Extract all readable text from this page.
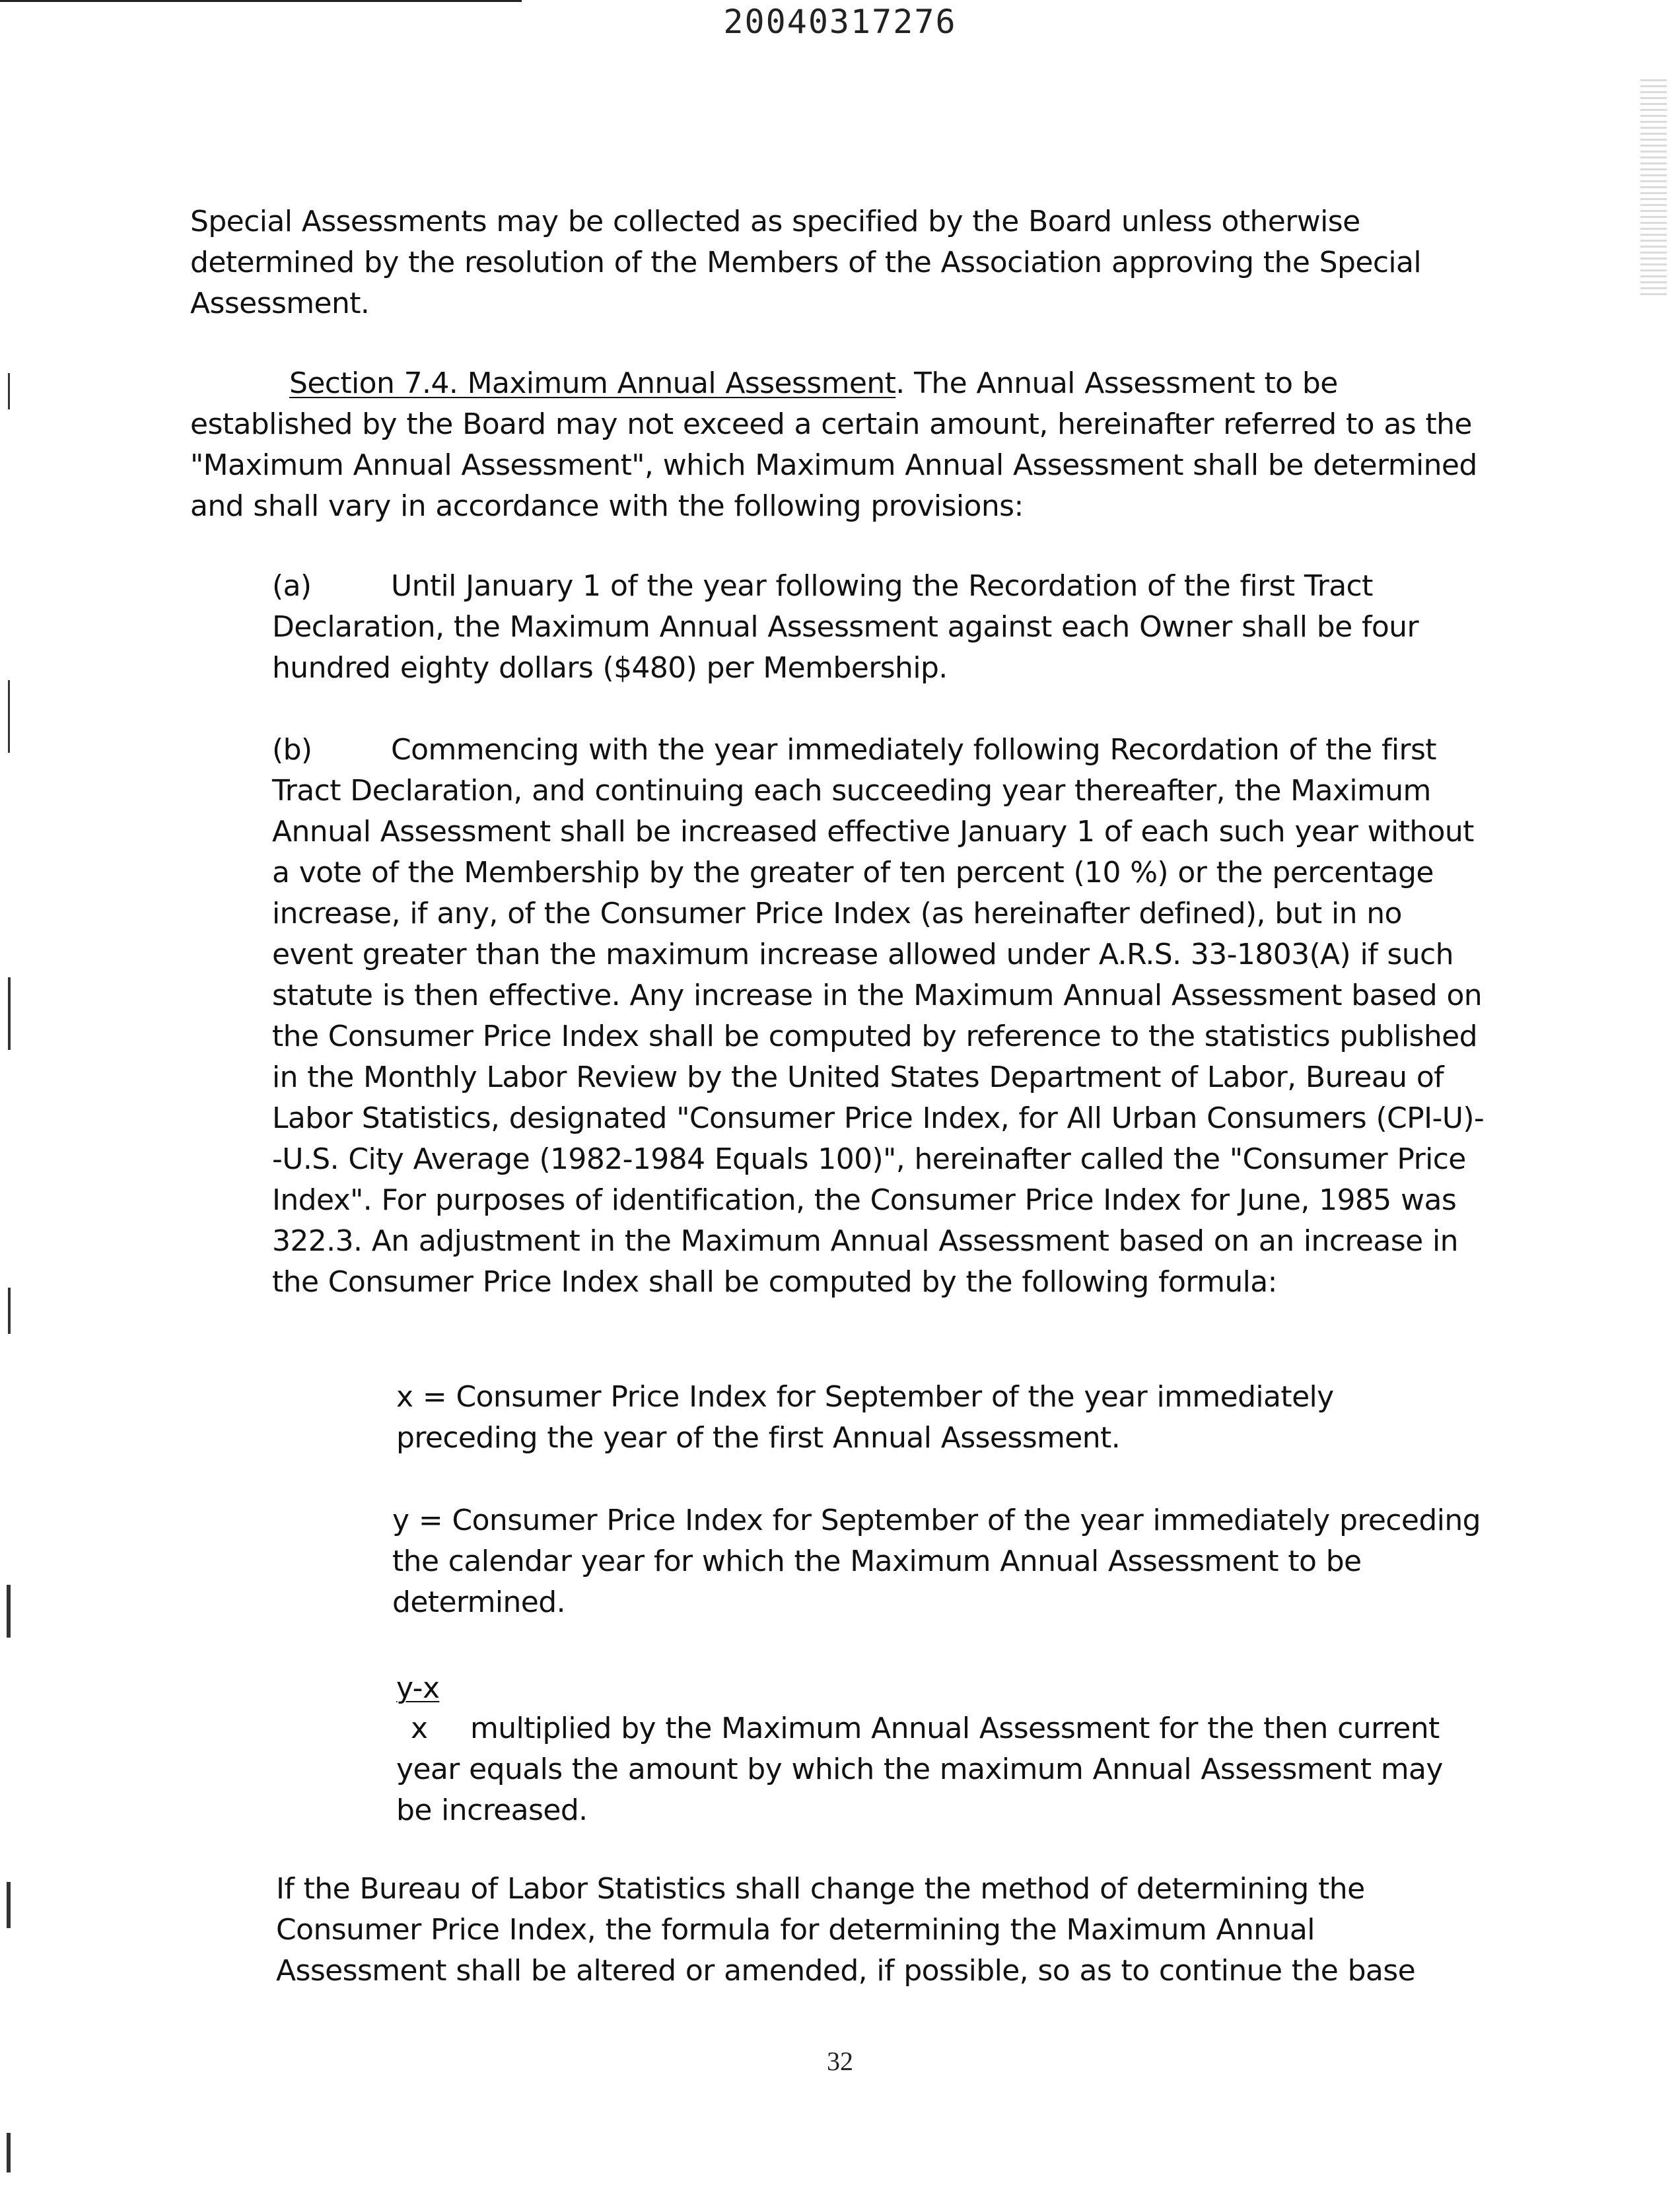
20040317276
Special Assessments may be collected as specified by the Board unless otherwise determined by the resolution of the Members of the Association approving the Special Assessment.
Section 7.4. Maximum Annual Assessment. The Annual Assessment to be established by the Board may not exceed a certain amount, hereinafter referred to as the "Maximum Annual Assessment", which Maximum Annual Assessment shall be determined and shall vary in accordance with the following provisions:
(a)	Until January 1 of the year following the Recordation of the first Tract Declaration, the Maximum Annual Assessment against each Owner shall be four hundred eighty dollars ($480) per Membership.
(b)	Commencing with the year immediately following Recordation of the first Tract Declaration, and continuing each succeeding year thereafter, the Maximum Annual Assessment shall be increased effective January 1 of each such year without a vote of the Membership by the greater of ten percent (10 %) or the percentage increase, if any, of the Consumer Price Index (as hereinafter defined), but in no event greater than the maximum increase allowed under A.R.S. 33-1803(A) if such statute is then effective. Any increase in the Maximum Annual Assessment based on the Consumer Price Index shall be computed by reference to the statistics published in the Monthly Labor Review by the United States Department of Labor, Bureau of Labor Statistics, designated "Consumer Price Index, for All Urban Consumers (CPI-U)--U.S. City Average (1982-1984 Equals 100)", hereinafter called the "Consumer Price Index". For purposes of identification, the Consumer Price Index for June, 1985 was 322.3. An adjustment in the Maximum Annual Assessment based on an increase in the Consumer Price Index shall be computed by the following formula:
x = Consumer Price Index for September of the year immediately preceding the year of the first Annual Assessment.
y = Consumer Price Index for September of the year immediately preceding the calendar year for which the Maximum Annual Assessment to be determined.
y-x
x multiplied by the Maximum Annual Assessment for the then current year equals the amount by which the maximum Annual Assessment may be increased.
If the Bureau of Labor Statistics shall change the method of determining the Consumer Price Index, the formula for determining the Maximum Annual Assessment shall be altered or amended, if possible, so as to continue the base
32
